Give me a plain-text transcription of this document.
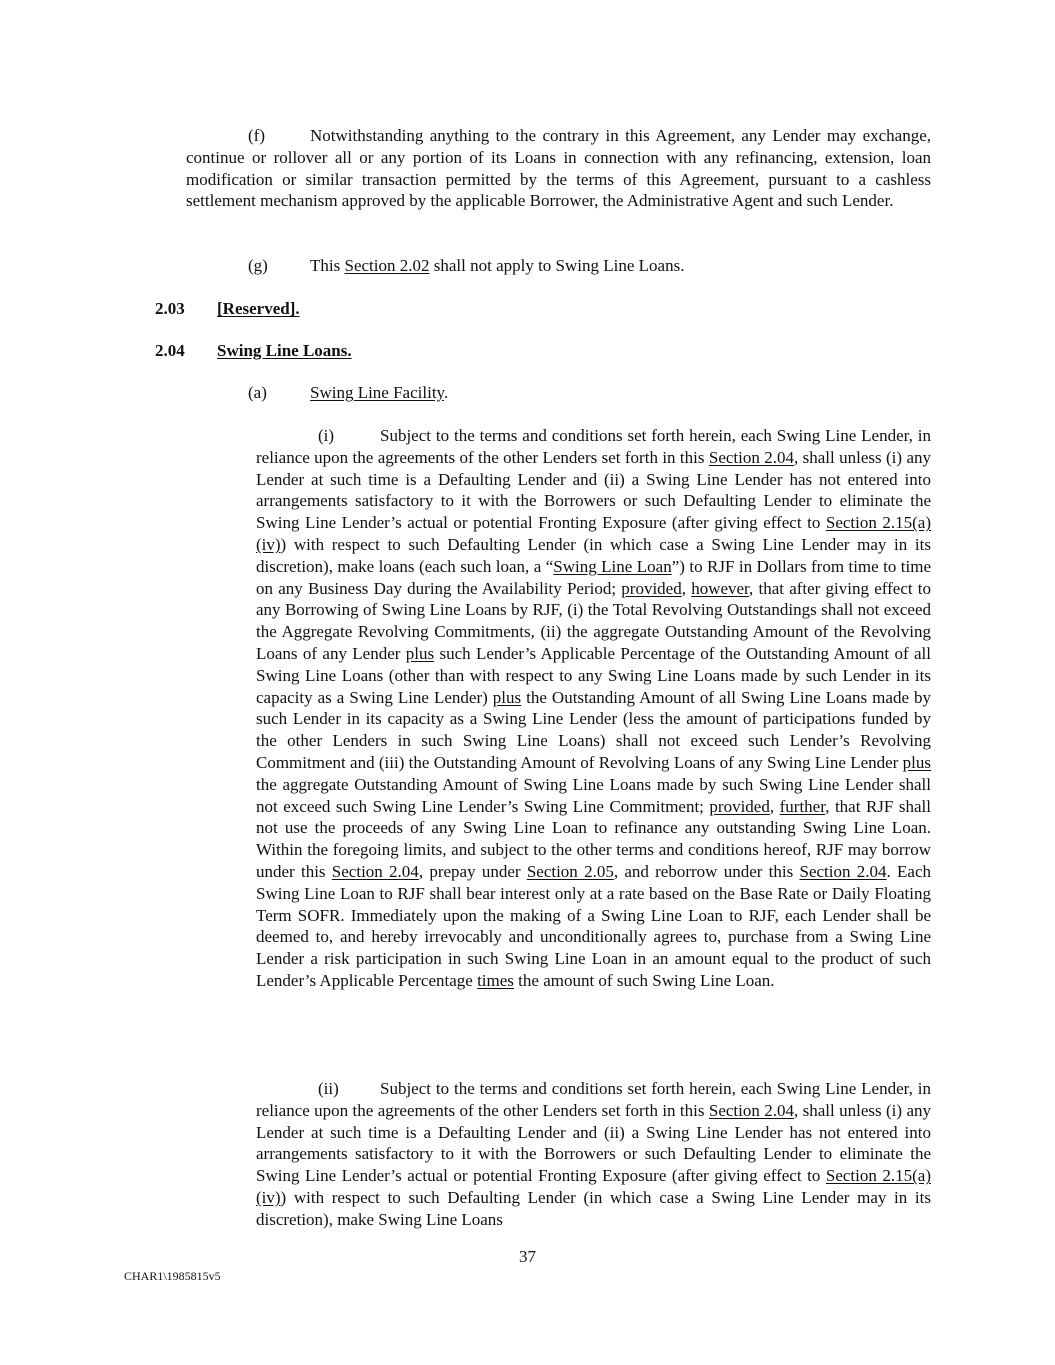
(f)	Notwithstanding anything to the contrary in this Agreement, any Lender may exchange, continue or rollover all or any portion of its Loans in connection with any refinancing, extension, loan modification or similar transaction permitted by the terms of this Agreement, pursuant to a cashless settlement mechanism approved by the applicable Borrower, the Administrative Agent and such Lender.

(g) This Section 2.02 shall not apply to Swing Line Loans.

2.03 [Reserved].
2.04 Swing Line Loans.

(a)	Swing Line Facility.

(i)	Subject to the terms and conditions set forth herein, each Swing Line Lender, in reliance upon the agreements of the other Lenders set forth in this Section 2.04, shall unless (i) any Lender at such time is a Defaulting Lender and (ii) a Swing Line Lender has not entered into arrangements satisfactory to it with the Borrowers or such Defaulting Lender to eliminate the Swing Line Lender’s actual or potential Fronting Exposure (after giving effect to Section 2.15(a)(iv)) with respect to such Defaulting Lender (in which case a Swing Line Lender may in its discretion), make loans (each such loan, a “Swing Line Loan”) to RJF in Dollars from time to time on any Business Day during the Availability Period; provided, however, that after giving effect to any Borrowing of Swing Line Loans by RJF, (i) the Total Revolving Outstandings shall not exceed the Aggregate Revolving Commitments, (ii) the aggregate Outstanding Amount of the Revolving Loans of any Lender plus such Lender’s Applicable Percentage of the Outstanding Amount of all Swing Line Loans (other than with respect to any Swing Line Loans made by such Lender in its capacity as a Swing Line Lender) plus the Outstanding Amount of all Swing Line Loans made by such Lender in its capacity as a Swing Line Lender (less the amount of participations funded by the other Lenders in such Swing Line Loans) shall not exceed such Lender’s Revolving Commitment and (iii) the Outstanding Amount of Revolving Loans of any Swing Line Lender plus the aggregate Outstanding Amount of Swing Line Loans made by such Swing Line Lender shall not exceed such Swing Line Lender’s Swing Line Commitment; provided, further, that RJF shall not use the proceeds of any Swing Line Loan to refinance any outstanding Swing Line Loan. Within the foregoing limits, and subject to the other terms and conditions hereof, RJF may borrow under this Section 2.04, prepay under Section 2.05, and reborrow under this Section 2.04. Each Swing Line Loan to RJF shall bear interest only at a rate based on the Base Rate or Daily Floating Term SOFR. Immediately upon the making of a Swing Line Loan to RJF, each Lender shall be deemed to, and hereby irrevocably and unconditionally agrees to, purchase from a Swing Line Lender a risk participation in such Swing Line Loan in an amount equal to the product of such Lender’s Applicable Percentage times the amount of such Swing Line Loan.

(ii) Subject to the terms and conditions set forth herein, each Swing Line Lender, in reliance upon the agreements of the other Lenders set forth in this Section 2.04, shall unless (i) any Lender at such time is a Defaulting Lender and (ii) a Swing Line Lender has not entered into arrangements satisfactory to it with the Borrowers or such Defaulting Lender to eliminate the Swing Line Lender’s actual or potential Fronting Exposure (after giving effect to Section 2.15(a)(iv)) with respect to such Defaulting Lender (in which case a Swing Line Lender may in its discretion), make Swing Line Loans

37
CHAR1\1985815v5
